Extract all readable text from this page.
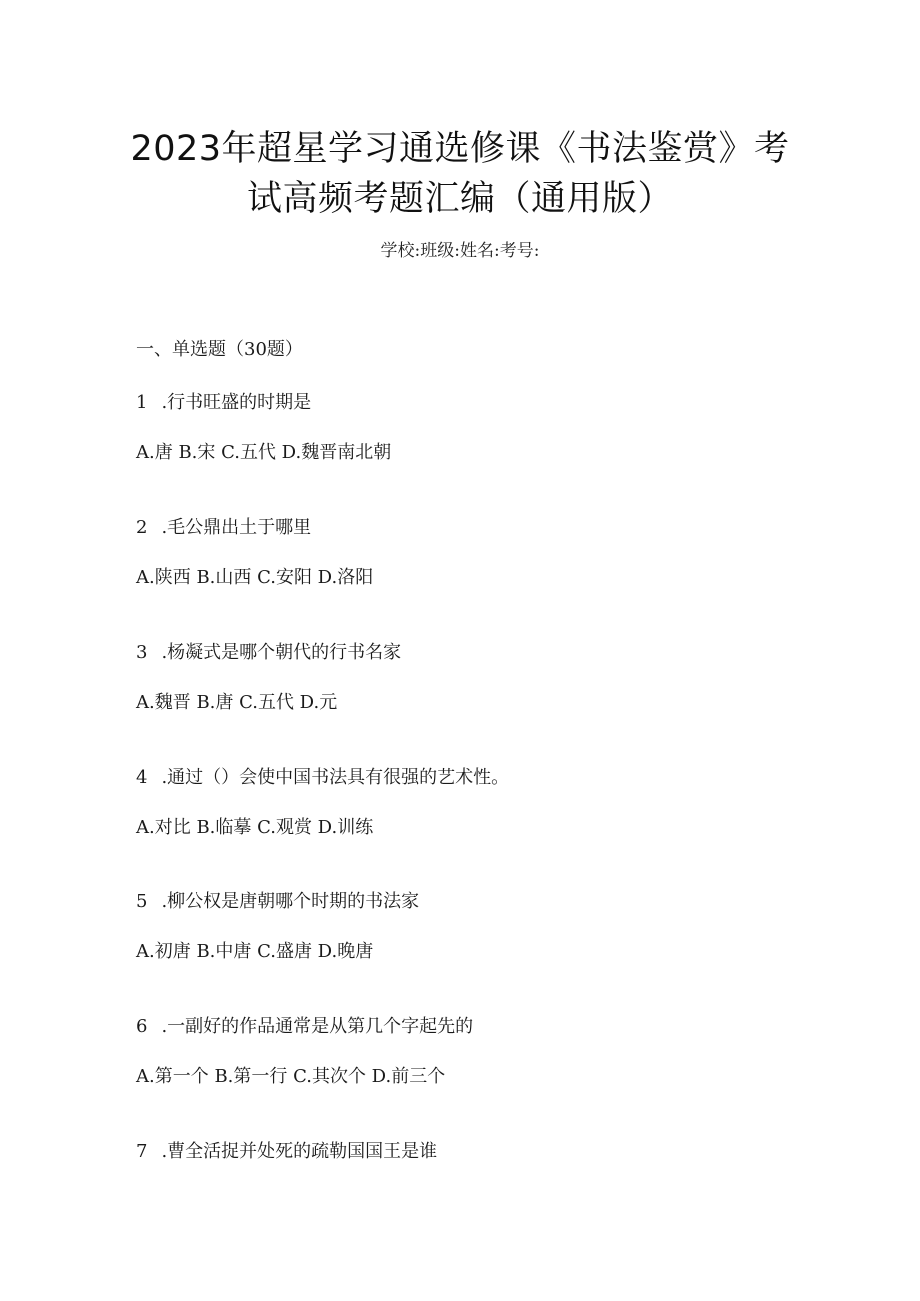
2023年超星学习通选修课《书法鉴赏》考
试高频考题汇编（通用版）
学校:班级:姓名:考号:
一、单选题（30题）
1 .行书旺盛的时期是
A.唐 B.宋 C.五代 D.魏晋南北朝
2 .毛公鼎出土于哪里
A.陕西 B.山西 C.安阳 D.洛阳
3 .杨凝式是哪个朝代的行书名家
A.魏晋 B.唐 C.五代 D.元
4 .通过（）会使中国书法具有很强的艺术性。
A.对比 B.临摹 C.观赏 D.训练
5 .柳公权是唐朝哪个时期的书法家
A.初唐 B.中唐 C.盛唐 D.晚唐
6 .一副好的作品通常是从第几个字起先的
A.第一个 B.第一行 C.其次个 D.前三个
7 .曹全活捉并处死的疏勒国国王是谁
